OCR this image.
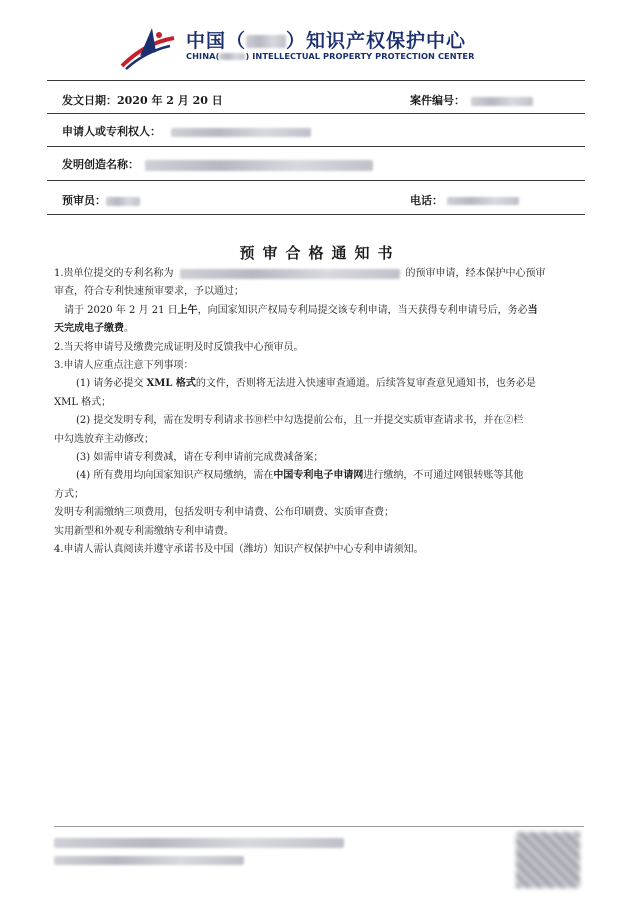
中国（ ）知识产权保护中心
CHINA(	) INTELLECTUAL PROPERTY PROTECTION CENTER
发文日期：2020 年 2 月 20 日	案件编号：
申请人或专利权人：
发明创造名称：
预审员：	电话：
预审合格通知书

1.贵单位提交的专利名称为	的预审申请，经本保护中心预审

审查，符合专利快速预审要求，予以通过；

请于 2020 年 2 月 21 日上午，向国家知识产权局专利局提交该专利申请，当天获得专利申请号后，务必当

天完成电子缴费。

2.当天将申请号及缴费完成证明及时反馈我中心预审员。

3.申请人应重点注意下列事项：

(1) 请务必提交 XML 格式的文件，否则将无法进入快速审查通道。后续答复审查意见通知书，也务必是

XML 格式；

(2) 提交发明专利，需在发明专利请求书⑩栏中勾选提前公布，且一并提交实质审查请求书，并在②栏

中勾选放弃主动修改；

(3) 如需申请专利费减，请在专利申请前完成费减备案；

(4) 所有费用均向国家知识产权局缴纳，需在中国专利电子申请网进行缴纳，不可通过网银转账等其他

方式；

发明专利需缴纳三项费用，包括发明专利申请费、公布印刷费、实质审查费；

实用新型和外观专利需缴纳专利申请费。

4.申请人需认真阅读并遵守承诺书及中国（潍坊）知识产权保护中心专利申请须知。
